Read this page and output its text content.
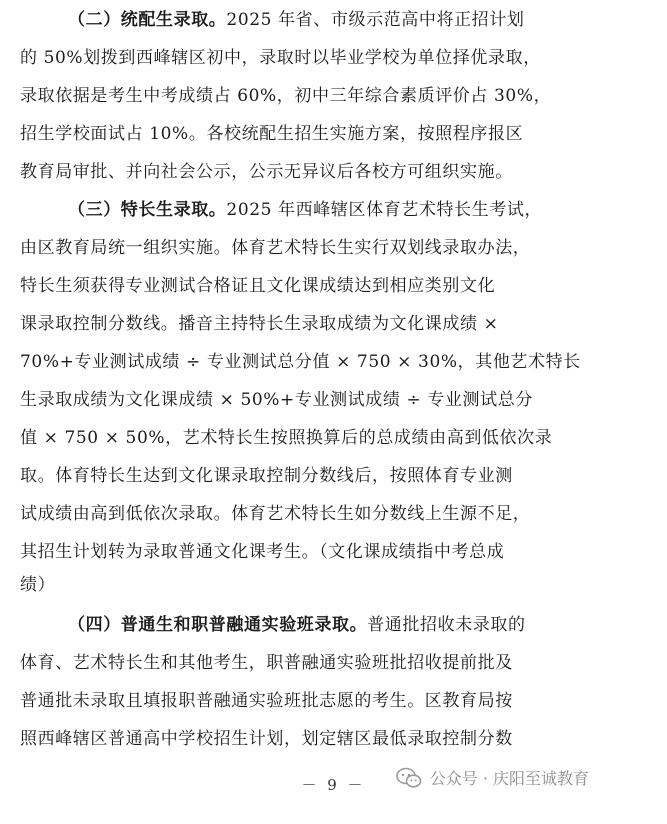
（二）统配生录取。2025 年省、市级示范高中将正招计划
的 50%划拨到西峰辖区初中，录取时以毕业学校为单位择优录取，
录取依据是考生中考成绩占 60%，初中三年综合素质评价占 30%，
招生学校面试占 10%。各校统配生招生实施方案，按照程序报区
教育局审批、并向社会公示，公示无异议后各校方可组织实施。
（三）特长生录取。2025 年西峰辖区体育艺术特长生考试，
由区教育局统一组织实施。体育艺术特长生实行双划线录取办法，
特长生须获得专业测试合格证且文化课成绩达到相应类别文化
课录取控制分数线。播音主持特长生录取成绩为文化课成绩 ×
70%+专业测试成绩 ÷ 专业测试总分值 × 750 × 30%，其他艺术特长
生录取成绩为文化课成绩 × 50%+专业测试成绩 ÷ 专业测试总分
值 × 750 × 50%，艺术特长生按照换算后的总成绩由高到低依次录
取。体育特长生达到文化课录取控制分数线后，按照体育专业测
试成绩由高到低依次录取。体育艺术特长生如分数线上生源不足，
其招生计划转为录取普通文化课考生。（文化课成绩指中考总成
绩）
（四）普通生和职普融通实验班录取。普通批招收未录取的
体育、艺术特长生和其他考生，职普融通实验班批招收提前批及
普通批未录取且填报职普融通实验班批志愿的考生。区教育局按
照西峰辖区普通高中学校招生计划，划定辖区最低录取控制分数
－ 9 －	公众号 · 庆阳至诚教育
